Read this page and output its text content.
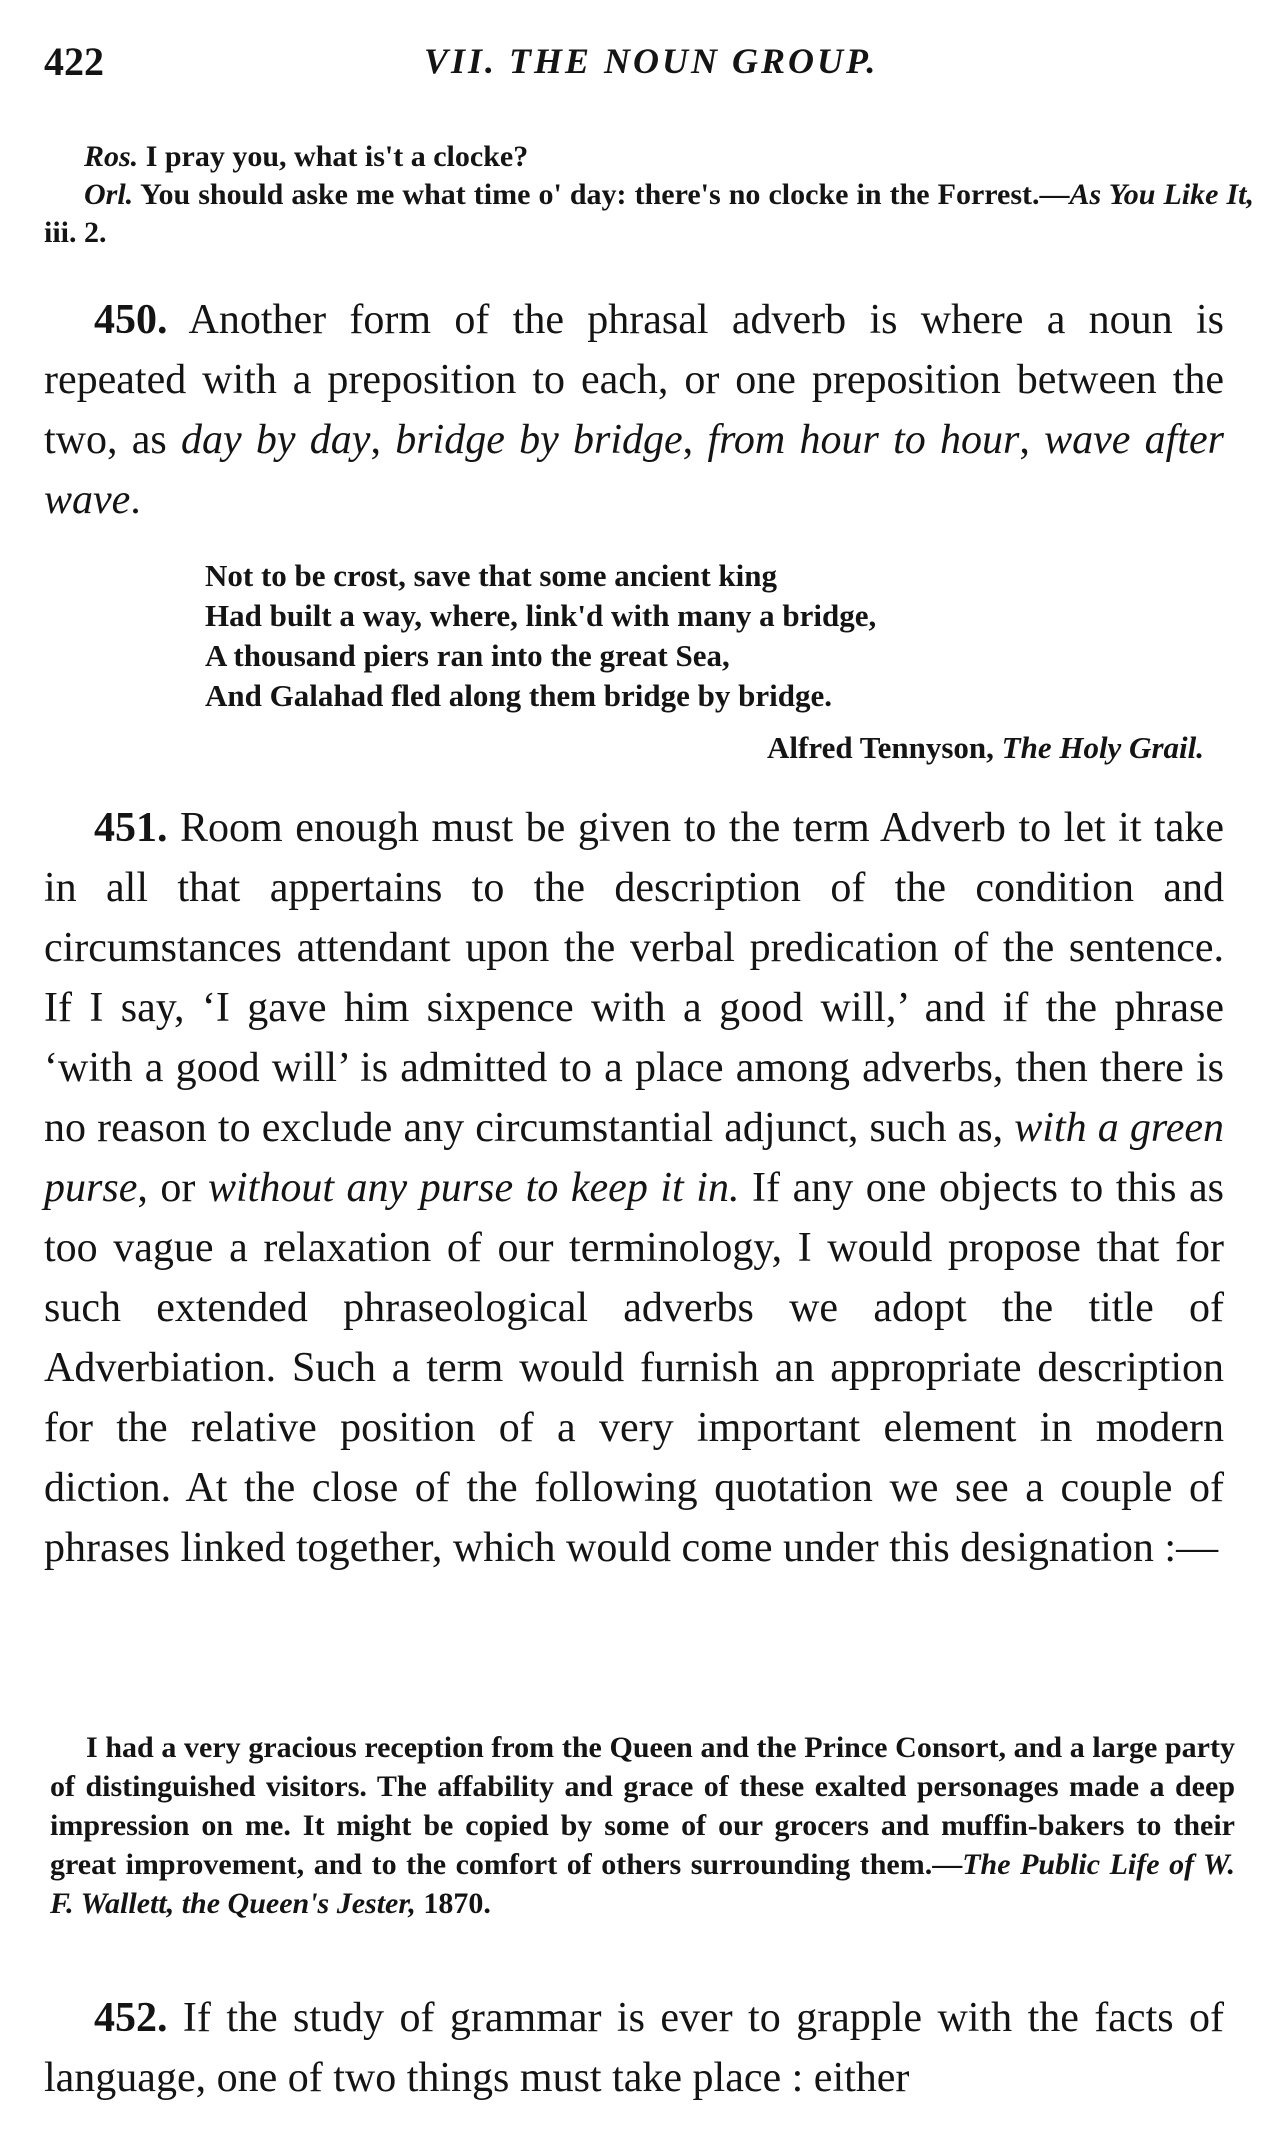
422	VII. THE NOUN GROUP.

Ros. I pray you, what is't a clocke?

Orl. You should aske me what time o' day: there's no clocke in the Forrest.—As You Like It, iii. 2.

450. Another form of the phrasal adverb is where a noun is repeated with a preposition to each, or one preposition between the two, as day by day, bridge by bridge, from hour to hour, wave after wave.

Not to be crost, save that some ancient king
Had built a way, where, link'd with many a bridge,
A thousand piers ran into the great Sea,
And Galahad fled along them bridge by bridge.
Alfred Tennyson, The Holy Grail.

451. Room enough must be given to the term Adverb to let it take in all that appertains to the description of the condition and circumstances attendant upon the verbal predication of the sentence. If I say, ‘I gave him sixpence with a good will,’ and if the phrase ‘with a good will’ is admitted to a place among adverbs, then there is no reason to exclude any circumstantial adjunct, such as, with a green purse, or without any purse to keep it in. If any one objects to this as too vague a relaxation of our terminology, I would propose that for such extended phraseological adverbs we adopt the title of Adverbiation. Such a term would furnish an appropriate description for the relative position of a very important element in modern diction. At the close of the following quotation we see a couple of phrases linked together, which would come under this designation :—

I had a very gracious reception from the Queen and the Prince Consort, and a large party of distinguished visitors. The affability and grace of these exalted personages made a deep impression on me. It might be copied by some of our grocers and muffin-bakers to their great improvement, and to the comfort of others surrounding them.—The Public Life of W. F. Wallett, the Queen's Jester, 1870.

452. If the study of grammar is ever to grapple with the facts of language, one of two things must take place : either
